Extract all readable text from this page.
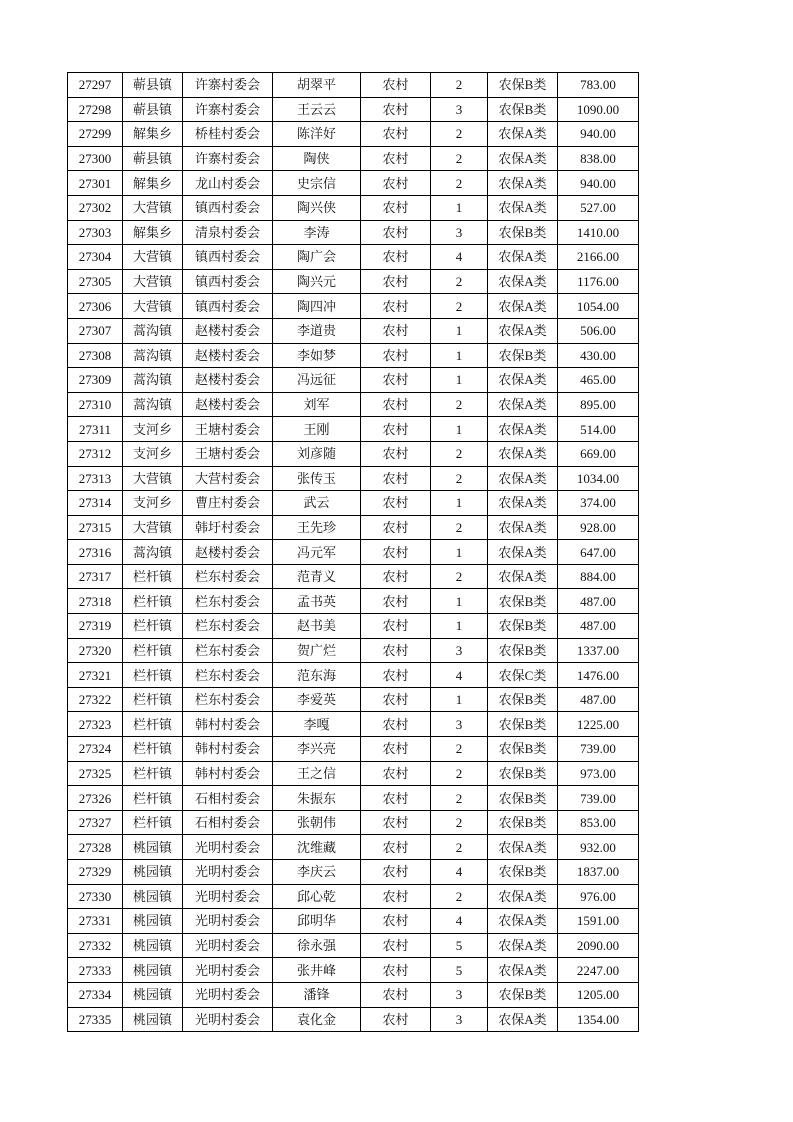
27297	蕲县镇	许寨村委会	胡翠平	农村	2	农保B类	783.00
27298	蕲县镇	许寨村委会	王云云	农村	3	农保B类	1090.00
27299	解集乡	桥桂村委会	陈洋好	农村	2	农保A类	940.00
27300	蕲县镇	许寨村委会	陶侠	农村	2	农保A类	838.00
27301	解集乡	龙山村委会	史宗信	农村	2	农保A类	940.00
27302	大营镇	镇西村委会	陶兴侠	农村	1	农保A类	527.00
27303	解集乡	清泉村委会	李涛	农村	3	农保B类	1410.00
27304	大营镇	镇西村委会	陶广会	农村	4	农保A类	2166.00
27305	大营镇	镇西村委会	陶兴元	农村	2	农保A类	1176.00
27306	大营镇	镇西村委会	陶四冲	农村	2	农保A类	1054.00
27307	蒿沟镇	赵楼村委会	李道贵	农村	1	农保A类	506.00
27308	蒿沟镇	赵楼村委会	李如梦	农村	1	农保B类	430.00
27309	蒿沟镇	赵楼村委会	冯远征	农村	1	农保A类	465.00
27310	蒿沟镇	赵楼村委会	刘军	农村	2	农保A类	895.00
27311	支河乡	王塘村委会	王刚	农村	1	农保A类	514.00
27312	支河乡	王塘村委会	刘彦随	农村	2	农保A类	669.00
27313	大营镇	大营村委会	张传玉	农村	2	农保A类	1034.00
27314	支河乡	曹庄村委会	武云	农村	1	农保A类	374.00
27315	大营镇	韩圩村委会	王先珍	农村	2	农保A类	928.00
27316	蒿沟镇	赵楼村委会	冯元军	农村	1	农保A类	647.00
27317	栏杆镇	栏东村委会	范青义	农村	2	农保A类	884.00
27318	栏杆镇	栏东村委会	孟书英	农村	1	农保B类	487.00
27319	栏杆镇	栏东村委会	赵书美	农村	1	农保B类	487.00
27320	栏杆镇	栏东村委会	贺广烂	农村	3	农保B类	1337.00
27321	栏杆镇	栏东村委会	范东海	农村	4	农保C类	1476.00
27322	栏杆镇	栏东村委会	李爱英	农村	1	农保B类	487.00
27323	栏杆镇	韩村村委会	李嘎	农村	3	农保B类	1225.00
27324	栏杆镇	韩村村委会	李兴亮	农村	2	农保B类	739.00
27325	栏杆镇	韩村村委会	王之信	农村	2	农保B类	973.00
27326	栏杆镇	石相村委会	朱振东	农村	2	农保B类	739.00
27327	栏杆镇	石相村委会	张朝伟	农村	2	农保B类	853.00
27328	桃园镇	光明村委会	沈维藏	农村	2	农保A类	932.00
27329	桃园镇	光明村委会	李庆云	农村	4	农保B类	1837.00
27330	桃园镇	光明村委会	邱心乾	农村	2	农保A类	976.00
27331	桃园镇	光明村委会	邱明华	农村	4	农保A类	1591.00
27332	桃园镇	光明村委会	徐永强	农村	5	农保A类	2090.00
27333	桃园镇	光明村委会	张井峰	农村	5	农保A类	2247.00
27334	桃园镇	光明村委会	潘锋	农村	3	农保B类	1205.00
27335	桃园镇	光明村委会	袁化金	农村	3	农保A类	1354.00
